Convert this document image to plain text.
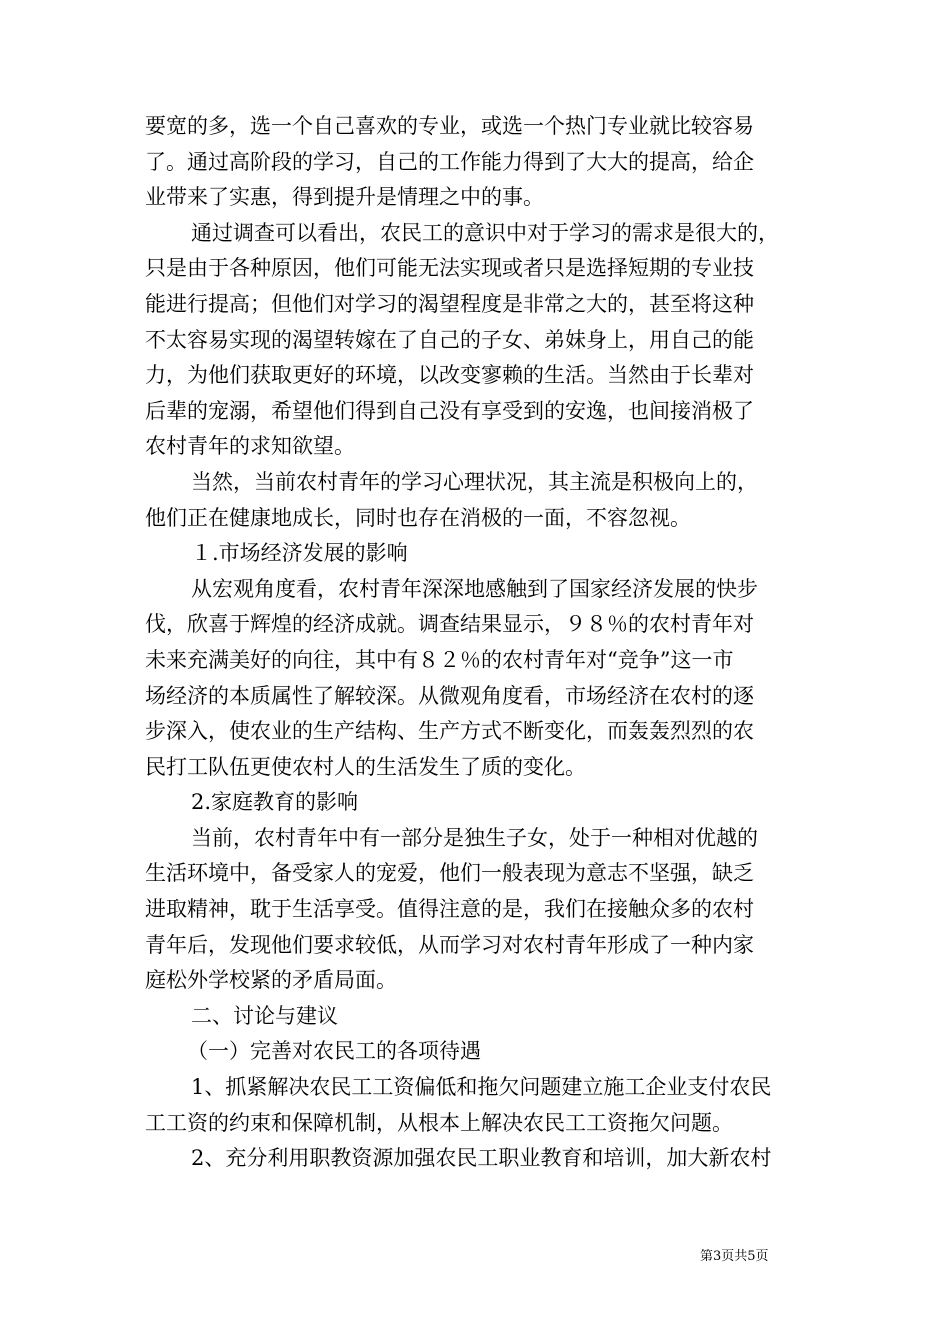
要宽的多，选一个自己喜欢的专业，或选一个热门专业就比较容易
了。通过高阶段的学习，自己的工作能力得到了大大的提高，给企
业带来了实惠，得到提升是情理之中的事。
通过调查可以看出，农民工的意识中对于学习的需求是很大的，
只是由于各种原因，他们可能无法实现或者只是选择短期的专业技
能进行提高；但他们对学习的渴望程度是非常之大的，甚至将这种
不太容易实现的渴望转嫁在了自己的子女、弟妹身上，用自己的能
力，为他们获取更好的环境，以改变寥赖的生活。当然由于长辈对
后辈的宠溺，希望他们得到自己没有享受到的安逸，也间接消极了
农村青年的求知欲望。
当然，当前农村青年的学习心理状况，其主流是积极向上的，
他们正在健康地成长，同时也存在消极的一面，不容忽视。
１.市场经济发展的影响
从宏观角度看，农村青年深深地感触到了国家经济发展的快步
伐，欣喜于辉煌的经济成就。调查结果显示，９８％的农村青年对
未来充满美好的向往，其中有８２％的农村青年对“竞争”这一市
场经济的本质属性了解较深。从微观角度看，市场经济在农村的逐
步深入，使农业的生产结构、生产方式不断变化，而轰轰烈烈的农
民打工队伍更使农村人的生活发生了质的变化。
2.家庭教育的影响
当前，农村青年中有一部分是独生子女，处于一种相对优越的
生活环境中，备受家人的宠爱，他们一般表现为意志不坚强，缺乏
进取精神，耽于生活享受。值得注意的是，我们在接触众多的农村
青年后，发现他们要求较低，从而学习对农村青年形成了一种内家
庭松外学校紧的矛盾局面。
二、讨论与建议
（一）完善对农民工的各项待遇
1、抓紧解决农民工工资偏低和拖欠问题建立施工企业支付农民
工工资的约束和保障机制，从根本上解决农民工工资拖欠问题。
2、充分利用职教资源加强农民工职业教育和培训，加大新农村
第3页共5页
